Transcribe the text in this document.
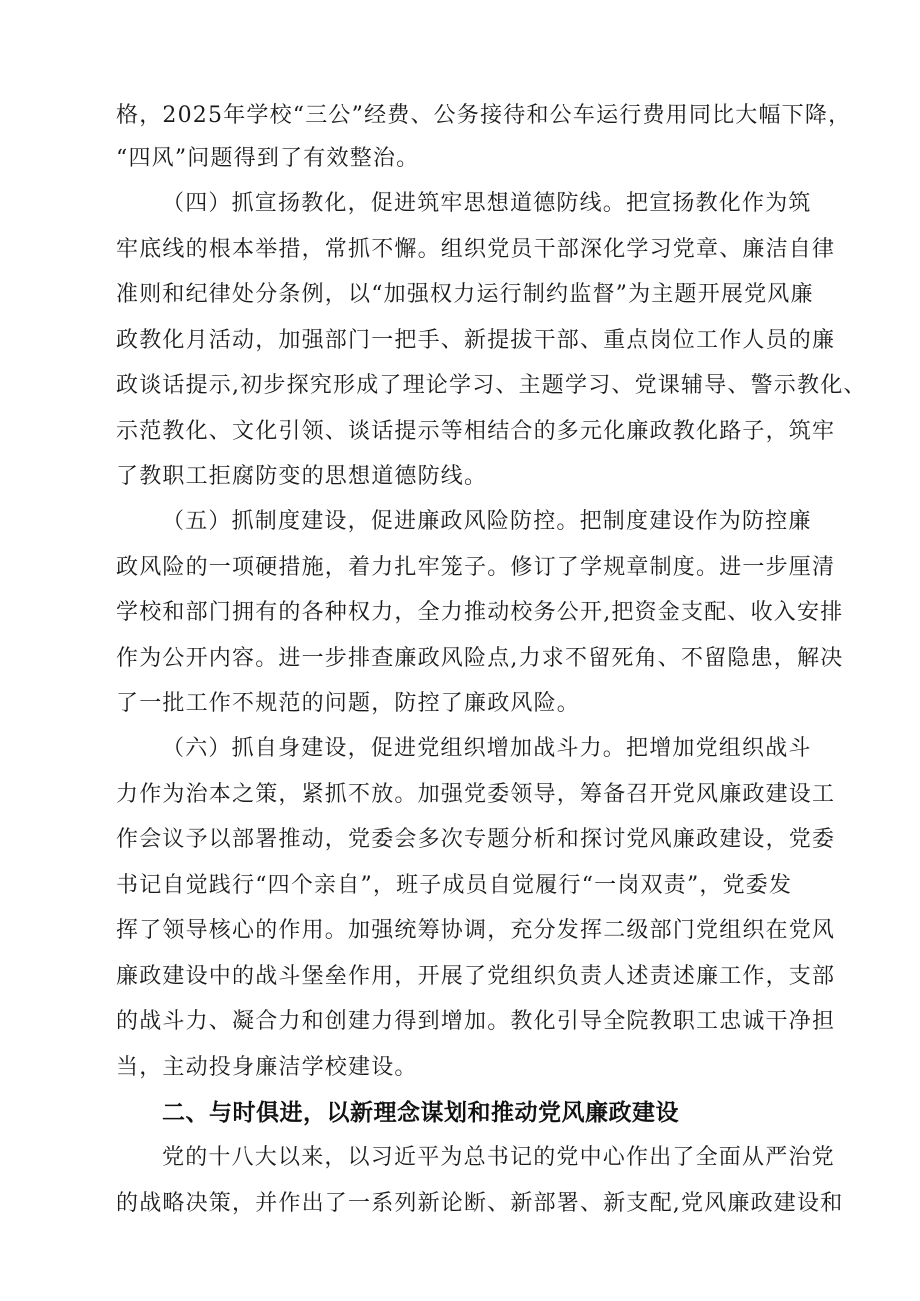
格，2025年学校“三公”经费、公务接待和公车运行费用同比大幅下降，
“四风”问题得到了有效整治。
（四）抓宣扬教化，促进筑牢思想道德防线。把宣扬教化作为筑
牢底线的根本举措，常抓不懈。组织党员干部深化学习党章、廉洁自律
准则和纪律处分条例，以“加强权力运行制约监督”为主题开展党风廉
政教化月活动，加强部门一把手、新提拔干部、重点岗位工作人员的廉
政谈话提示,初步探究形成了理论学习、主题学习、党课辅导、警示教化、
示范教化、文化引领、谈话提示等相结合的多元化廉政教化路子，筑牢
了教职工拒腐防变的思想道德防线。
（五）抓制度建设，促进廉政风险防控。把制度建设作为防控廉
政风险的一项硬措施，着力扎牢笼子。修订了学规章制度。进一步厘清
学校和部门拥有的各种权力，全力推动校务公开,把资金支配、收入安排
作为公开内容。进一步排查廉政风险点,力求不留死角、不留隐患，解决
了一批工作不规范的问题，防控了廉政风险。
（六）抓自身建设，促进党组织增加战斗力。把增加党组织战斗
力作为治本之策，紧抓不放。加强党委领导，筹备召开党风廉政建设工
作会议予以部署推动，党委会多次专题分析和探讨党风廉政建设，党委
书记自觉践行“四个亲自”，班子成员自觉履行“一岗双责”，党委发
挥了领导核心的作用。加强统筹协调，充分发挥二级部门党组织在党风
廉政建设中的战斗堡垒作用，开展了党组织负责人述责述廉工作，支部
的战斗力、凝合力和创建力得到增加。教化引导全院教职工忠诚干净担
当，主动投身廉洁学校建设。
二、与时俱进，以新理念谋划和推动党风廉政建设
党的十八大以来，以习近平为总书记的党中心作出了全面从严治党
的战略决策，并作出了一系列新论断、新部署、新支配,党风廉政建设和
